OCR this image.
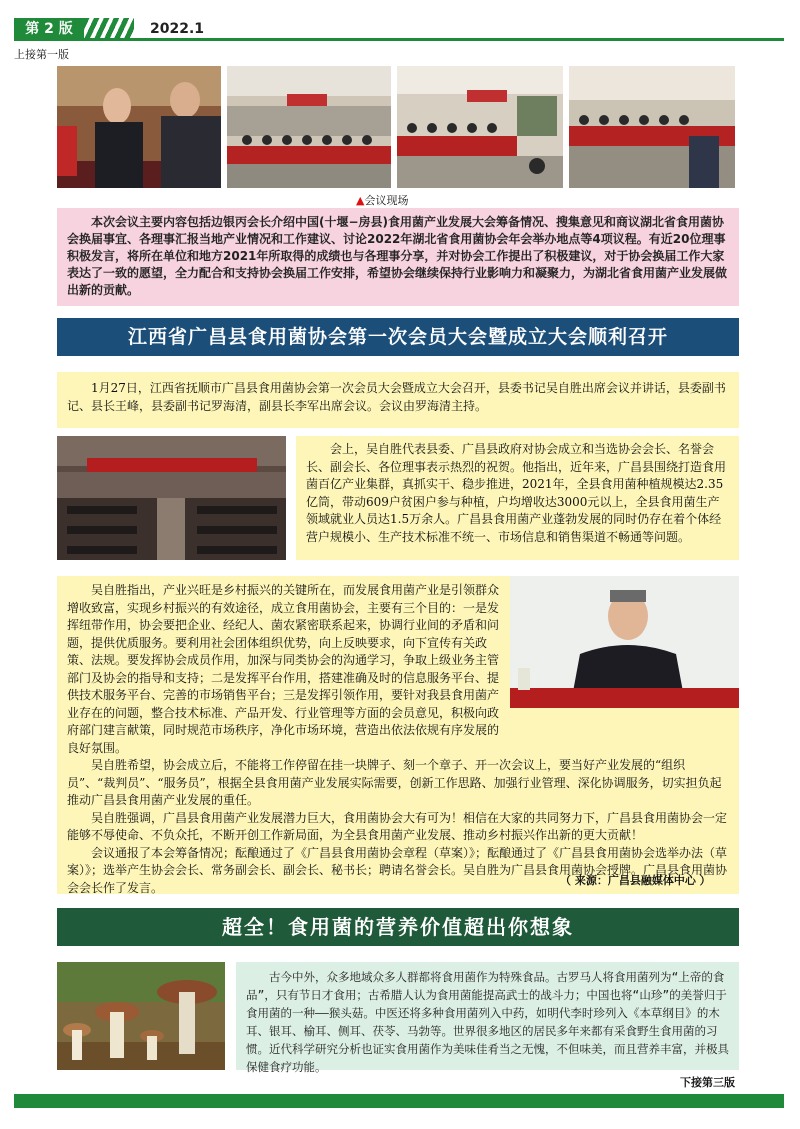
第 2 版	2022.1
上接第一版
▲会议现场
本次会议主要内容包括边银丙会长介绍中国(十堰−房县)食用菌产业发展大会筹备情况、搜集意见和商议湖北省食用菌协会换届事宜、各理事汇报当地产业情况和工作建议、讨论2022年湖北省食用菌协会年会举办地点等4项议程。有近20位理事积极发言，将所在单位和地方2021年所取得的成绩也与各理事分享，并对协会工作提出了积极建议，对于协会换届工作大家表达了一致的愿望，全力配合和支持协会换届工作安排，希望协会继续保持行业影响力和凝聚力，为湖北省食用菌产业发展做出新的贡献。
江西省广昌县食用菌协会第一次会员大会暨成立大会顺利召开

1月27日，江西省抚顺市广昌县食用菌协会第一次会员大会暨成立大会召开，县委书记吴自胜出席会议并讲话，县委副书记、县长王峰，县委副书记罗海清，副县长李军出席会议。会议由罗海清主持。

会上，吴自胜代表县委、广昌县政府对协会成立和当选协会会长、名誉会长、副会长、各位理事表示热烈的祝贺。他指出，近年来，广昌县围绕打造食用菌百亿产业集群，真抓实干、稳步推进，2021年，全县食用菌种植规模达2.35亿筒，带动609户贫困户参与种植，户均增收达3000元以上，全县食用菌生产领域就业人员达1.5万余人。广昌县食用菌产业蓬勃发展的同时仍存在着个体经营户规模小、生产技术标准不统一、市场信息和销售渠道不畅通等问题。

吴自胜指出，产业兴旺是乡村振兴的关键所在，而发展食用菌产业是引领群众增收致富，实现乡村振兴的有效途径，成立食用菌协会，主要有三个目的：一是发挥纽带作用，协会要把企业、经纪人、菌农紧密联系起来，协调行业间的矛盾和问题，提供优质服务。要利用社会团体组织优势，向上反映要求，向下宣传有关政策、法规。要发挥协会成员作用，加深与同类协会的沟通学习，争取上级业务主管部门及协会的指导和支持；二是发挥平台作用，搭建准确及时的信息服务平台、提供技术服务平台、完善的市场销售平台；三是发挥引领作用，要针对我县食用菌产业存在的问题，整合技术标准、产品开发、行业管理等方面的会员意见，积极向政府部门建言献策，同时规范市场秩序，净化市场环境，营造出依法依规有序发展的良好氛围。

吴自胜希望，协会成立后，不能将工作停留在挂一块牌子、刻一个章子、开一次会议上，要当好产业发展的“组织员”、“裁判员”、“服务员”，根据全县食用菌产业发展实际需要，创新工作思路、加强行业管理、深化协调服务，切实担负起推动广昌县食用菌产业发展的重任。

吴自胜强调，广昌县食用菌产业发展潜力巨大，食用菌协会大有可为！相信在大家的共同努力下，广昌县食用菌协会一定能够不辱使命、不负众托，不断开创工作新局面，为全县食用菌产业发展、推动乡村振兴作出新的更大贡献！

会议通报了本会筹备情况；酝酿通过了《广昌县食用菌协会章程（草案）》；酝酿通过了《广昌县食用菌协会选举办法（草案）》；选举产生协会会长、常务副会长、副会长、秘书长；聘请名誉会长。吴自胜为广昌县食用菌协会授牌。广昌县食用菌协会会长作了发言。	（ 来源：广昌县融媒体中心 ）
超全！食用菌的营养价值超出你想象
古今中外，众多地域众多人群都将食用菌作为特殊食品。古罗马人将食用菌列为“上帝的食品”，只有节日才食用；古希腊人认为食用菌能提高武士的战斗力；中国也将“山珍”的美誉归于食用菌的一种——猴头菇。中医还将多种食用菌列入中药，如明代李时珍列入《本草纲目》的木耳、银耳、榆耳、侧耳、茯苓、马勃等。世界很多地区的居民多年来都有采食野生食用菌的习惯。近代科学研究分析也证实食用菌作为美味佳肴当之无愧，不但味美，而且营养丰富，并极具保健食疗功能。
下接第三版
